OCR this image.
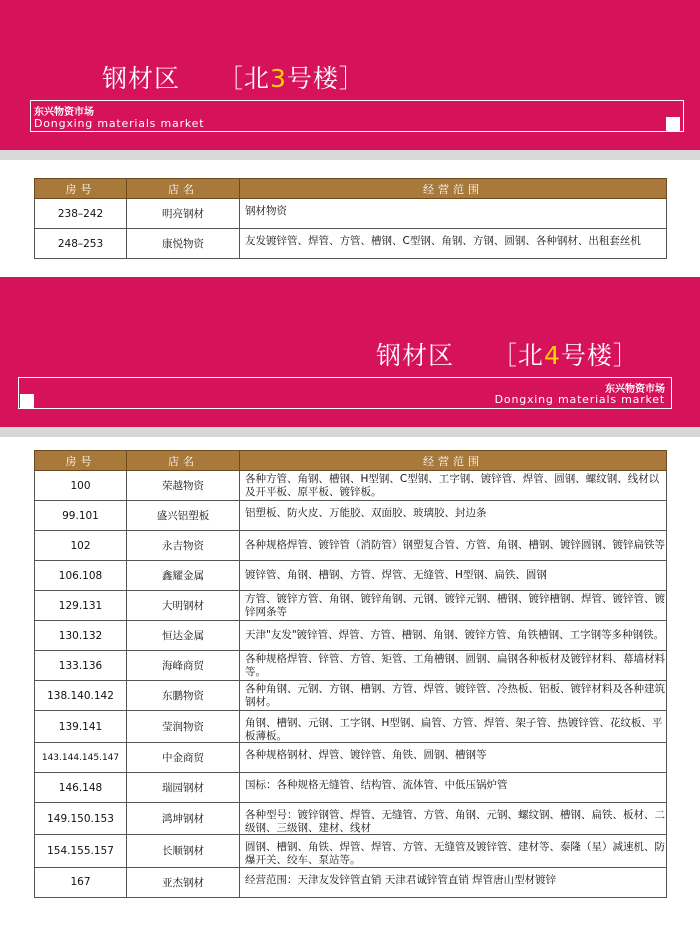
钢材区 ［北3号楼］
东兴物资市场
Dongxing materials market
房号	店名	经营范围
238–242	明亮钢材	钢材物资
248–253	康悦物资	友发镀锌管、焊管、方管、槽钢、C型钢、角钢、方钢、圆钢、各种钢材、出租套丝机
钢材区 ［北4号楼］
东兴物资市场
Dongxing materials market
房号	店名	经营范围
100	荣越物资	各种方管、角钢、槽钢、H型钢、C型钢、工字钢、镀锌管、焊管、圆钢、螺纹钢、线材以及开平板、原平板、镀锌板。
99.101	盛兴铝塑板	铝塑板、防火皮、万能胶、双面胶、玻璃胶、封边条
102	永吉物资	各种规格焊管、镀锌管（消防管）钢塑复合管、方管、角钢、槽钢、镀锌圆钢、镀锌扁铁等
106.108	鑫耀金属	镀锌管、角钢、槽钢、方管、焊管、无缝管、H型钢、扁铁、圆钢
129.131	大明钢材	方管、镀锌方管、角钢、镀锌角钢、元钢、镀锌元钢、槽钢、镀锌槽钢、焊管、镀锌管、镀锌网条等
130.132	恒达金属	天津"友发"镀锌管、焊管、方管、槽钢、角钢、镀锌方管、角铁槽钢、工字钢等多种钢铁。
133.136	海峰商贸	各种规格焊管、锌管、方管、矩管、工角槽钢、圆钢、扁钢各种板材及镀锌材料、幕墙材料等。
138.140.142	东鹏物资	各种角钢、元钢、方钢、槽钢、方管、焊管、镀锌管、冷热板、铝板、镀锌材料及各种建筑钢材。
139.141	莹润物资	角钢、槽钢、元钢、工字钢、H型钢、扁管、方管、焊管、架子管、热镀锌管、花纹板、平板薄板。
143.144.145.147	中金商贸	各种规格钢材、焊管、镀锌管、角铁、圆钢、槽钢等
146.148	瑞园钢材	国标：各种规格无缝管、结构管、流体管、中低压锅炉管
149.150.153	鸿坤钢材	各种型号：镀锌钢管、焊管、无缝管、方管、角钢、元钢、螺纹钢、槽钢、扁铁、板材、二级钢、三级钢、建材、线材
154.155.157	长顺钢材	圆钢、槽钢、角铁、焊管、焊管、方管、无缝管及镀锌管、建材等、泰隆（星）减速机、防爆开关、绞车、泵站等。
167	亚杰钢材	经营范围：天津友发锌管直销 天津君诚锌管直销 焊管唐山型材镀锌
